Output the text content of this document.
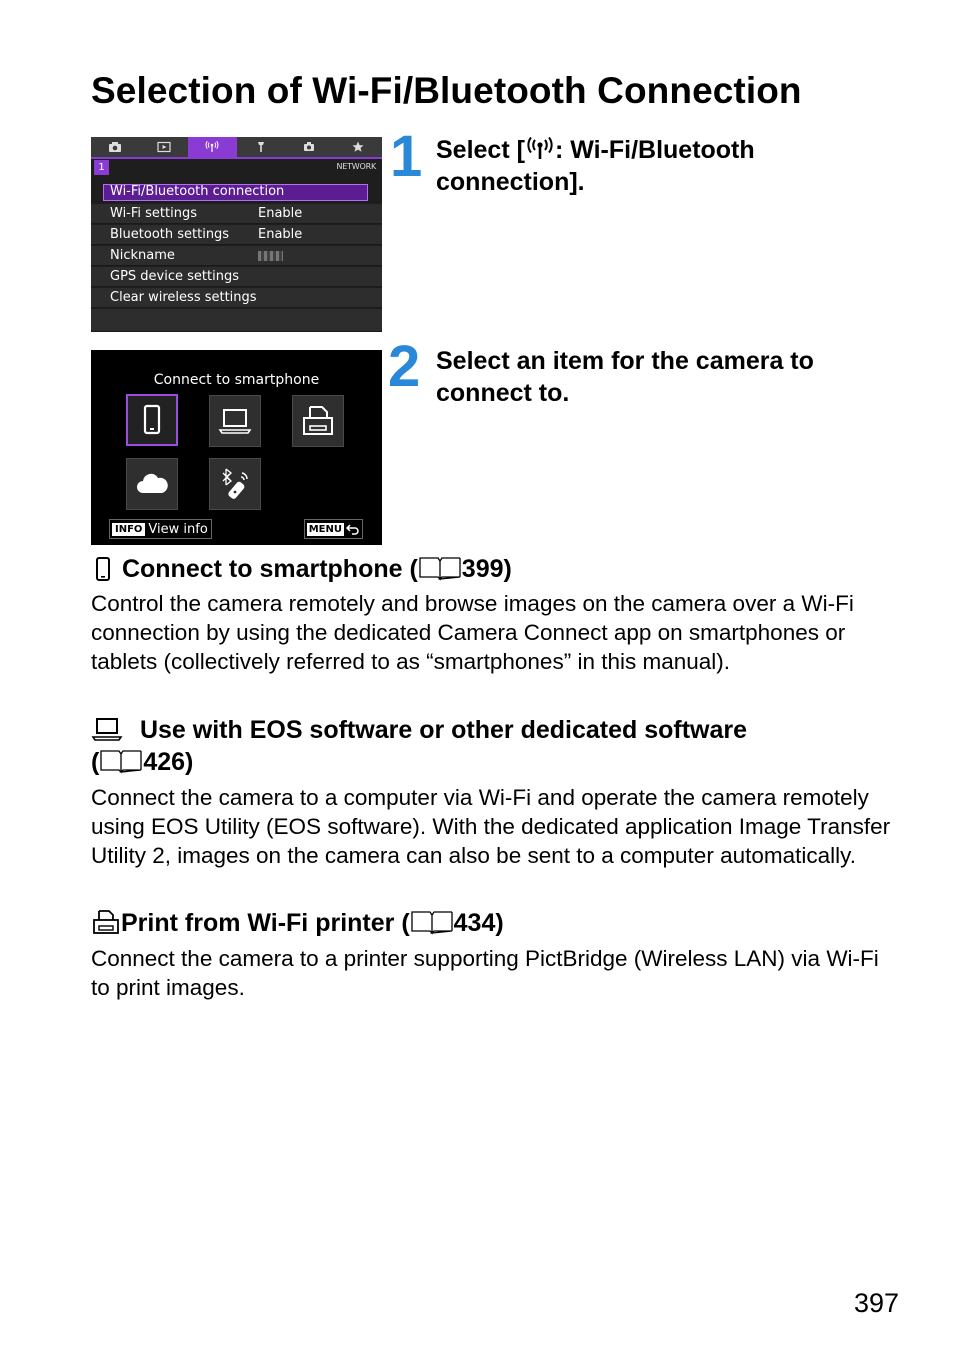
Selection of Wi-Fi/Bluetooth Connection
1	NETWORK
Wi-Fi/Bluetooth connection
Wi-Fi settings	Enable
Bluetooth settings Enable
Nickname
GPS device settings
Clear wireless settings
1 Select [ : Wi-Fi/Bluetooth connection].
Connect to smartphone
INFO View info	MENU
2 Select an item for the camera to connect to.
Connect to smartphone ( 399)
Control the camera remotely and browse images on the camera over a Wi-Fi connection by using the dedicated Camera Connect app on smartphones or tablets (collectively referred to as “smartphones” in this manual).
Use with EOS software or other dedicated software
( 426)
Connect the camera to a computer via Wi-Fi and operate the camera remotely using EOS Utility (EOS software). With the dedicated application Image Transfer Utility 2, images on the camera can also be sent to a computer automatically.
Print from Wi-Fi printer ( 434)
Connect the camera to a printer supporting PictBridge (Wireless LAN) via Wi-Fi to print images.
397
